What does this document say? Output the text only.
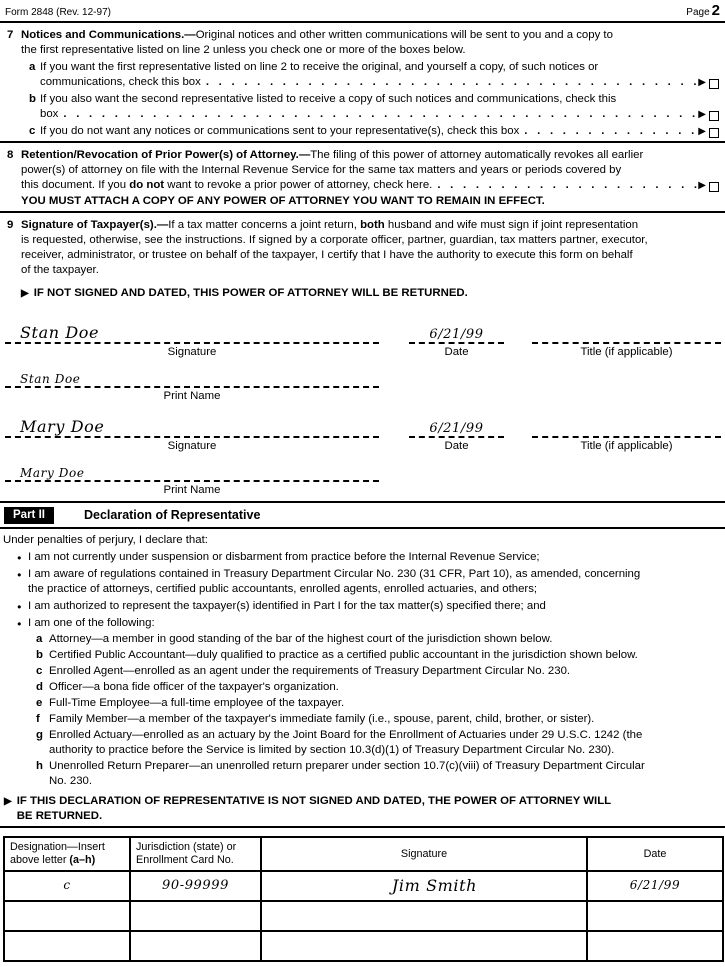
Form 2848 (Rev. 12-97)	Page 2
7 Notices and Communications.—Original notices and other written communications will be sent to you and a copy to
the first representative listed on line 2 unless you check one or more of the boxes below.
a If you want the first representative listed on line 2 to receive the original, and yourself a copy, of such notices or
communications, check this box
. . .
▶
b If you also want the second representative listed to receive a copy of such notices and communications, check this
box
. . .
▶
c If you do not want any notices or communications sent to your representative(s), check this box
. . .
▶
8 Retention/Revocation of Prior Power(s) of Attorney.—The filing of this power of attorney automatically revokes all earlier
power(s) of attorney on file with the Internal Revenue Service for the same tax matters and years or periods covered by
this document. If you do not want to revoke a prior power of attorney, check here.
. . .
▶
YOU MUST ATTACH A COPY OF ANY POWER OF ATTORNEY YOU WANT TO REMAIN IN EFFECT.
9 Signature of Taxpayer(s).—If a tax matter concerns a joint return, both husband and wife must sign if joint representation
is requested, otherwise, see the instructions. If signed by a corporate officer, partner, guardian, tax matters partner, executor,
receiver, administrator, or trustee on behalf of the taxpayer, I certify that I have the authority to execute this form on behalf
of the taxpayer.
▶
IF NOT SIGNED AND DATED, THIS POWER OF ATTORNEY WILL BE RETURNED.
Stan Doe
Signature
6/21/99
Date	Title (if applicable)
Stan Doe
Print Name
Mary Doe
Signature
6/21/99
Date	Title (if applicable)
Mary Doe
Print Name
Part II	Declaration of Representative
Under penalties of perjury, I declare that:
●
I am not currently under suspension or disbarment from practice before the Internal Revenue Service;
●
I am aware of regulations contained in Treasury Department Circular No. 230 (31 CFR, Part 10), as amended, concerning
the practice of attorneys, certified public accountants, enrolled agents, enrolled actuaries, and others;
●
I am authorized to represent the taxpayer(s) identified in Part I for the tax matter(s) specified there; and
●
I am one of the following:
a Attorney—a member in good standing of the bar of the highest court of the jurisdiction shown below.
b Certified Public Accountant—duly qualified to practice as a certified public accountant in the jurisdiction shown below.
c Enrolled Agent—enrolled as an agent under the requirements of Treasury Department Circular No. 230.
d Officer—a bona fide officer of the taxpayer's organization.
e Full-Time Employee—a full-time employee of the taxpayer.
f Family Member—a member of the taxpayer's immediate family (i.e., spouse, parent, child, brother, or sister).
g Enrolled Actuary—enrolled as an actuary by the Joint Board for the Enrollment of Actuaries under 29 U.S.C. 1242 (the
authority to practice before the Service is limited by section 10.3(d)(1) of Treasury Department Circular No. 230).
h Unenrolled Return Preparer—an unenrolled return preparer under section 10.7(c)(viii) of Treasury Department Circular
No. 230.
▶
IF THIS DECLARATION OF REPRESENTATIVE IS NOT SIGNED AND DATED, THE POWER OF ATTORNEY WILL
BE RETURNED.
Designation—Insert above letter (a–h)	Jurisdiction (state) or Enrollment Card No.	Signature	Date
c	90-99999	Jim Smith	6/21/99
